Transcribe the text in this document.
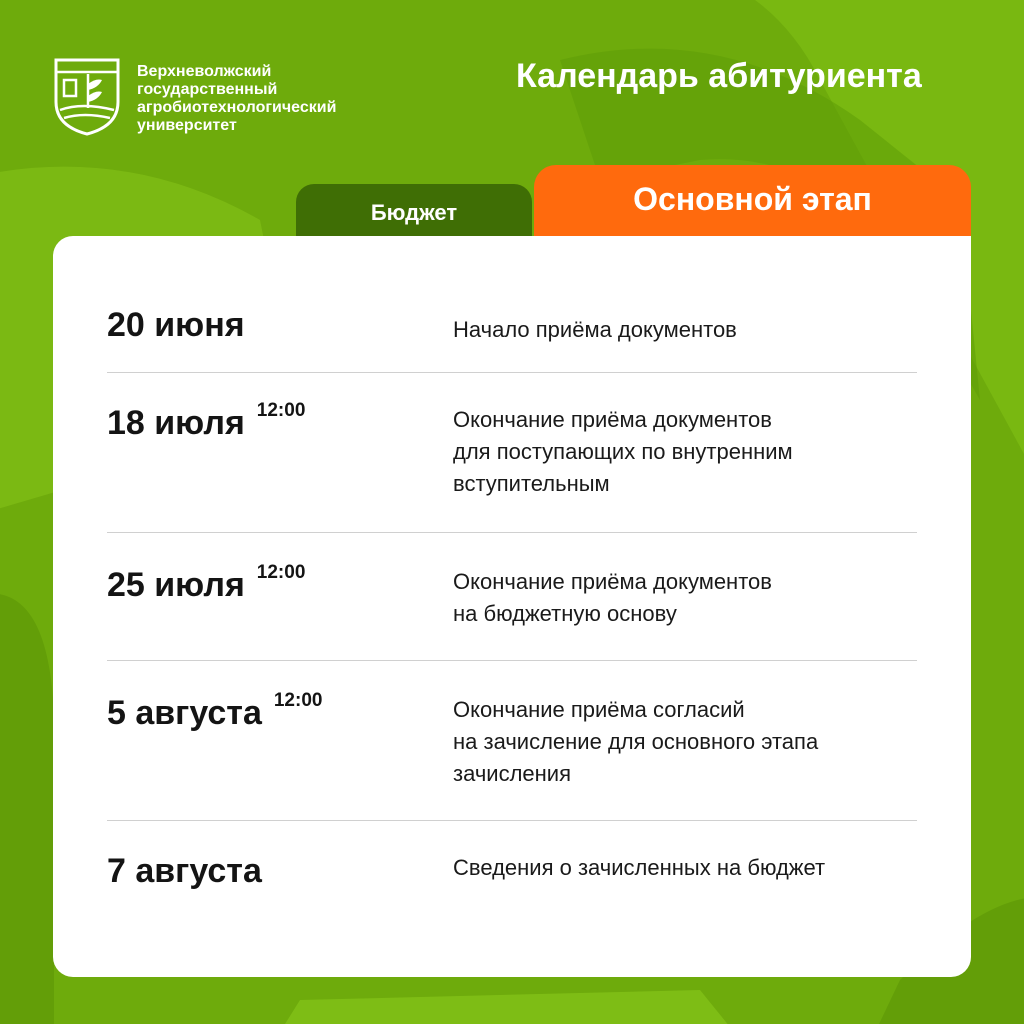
Верхневолжский
государственный
агробиотехнологический
университет
Календарь абитуриента
Бюджет	Основной этап
20 июня	Начало приёма документов
18 июля $^{12:00}$	Окончание приёма документов
для поступающих по внутренним
вступительным
25 июля $^{12:00}$	Окончание приёма документов
на бюджетную основу
5 августа $^{12:00}$	Окончание приёма согласий
на зачисление для основного этапа
зачисления
7 августа	Сведения о зачисленных на бюджет
